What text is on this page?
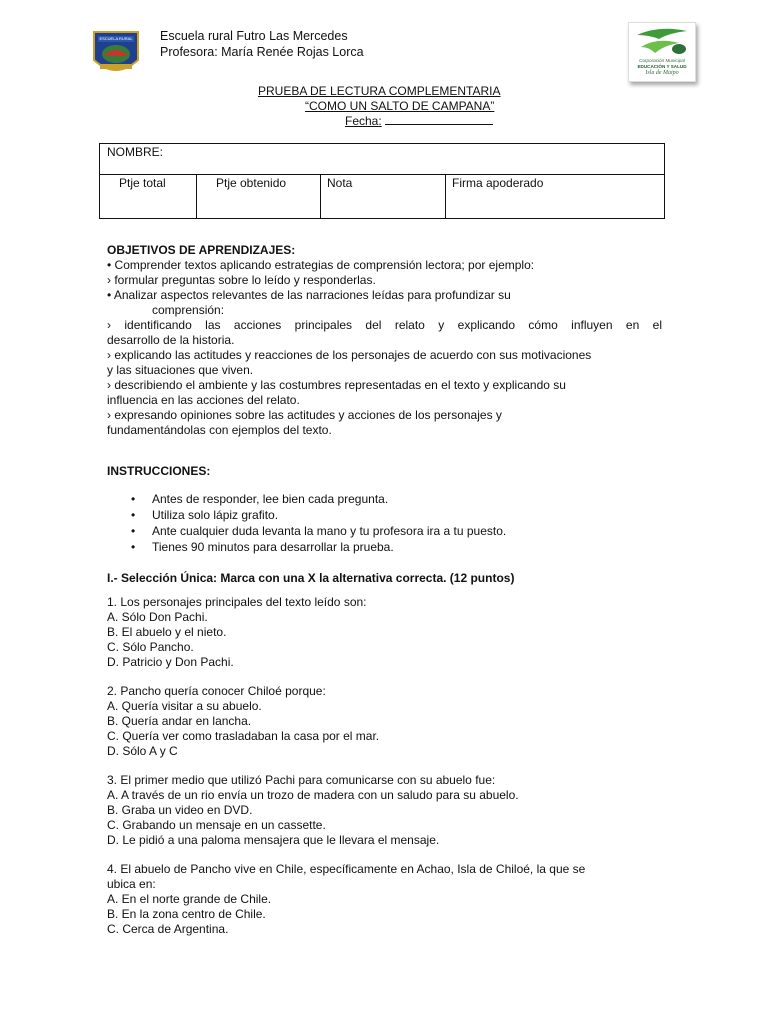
ESCUELA RURAL Escuela rural Futro Las Mercedes
Profesora: María Renée Rojas Lorca
Corporación Municipal
EDUCACIÓN Y SALUD
Isla de Maipo
PRUEBA DE LECTURA COMPLEMENTARIA
“COMO UN SALTO DE CAMPANA”
Fecha:
NOMBRE:
Ptje total	Ptje obtenido	Nota	Firma apoderado

OBJETIVOS DE APRENDIZAJES:

• Comprender textos aplicando estrategias de comprensión lectora; por ejemplo:

› formular preguntas sobre lo leído y responderlas.

• Analizar aspectos relevantes de las narraciones leídas para profundizar su

comprensión:

› identificando las acciones principales del relato y explicando cómo influyen en el

desarrollo de la historia.

› explicando las actitudes y reacciones de los personajes de acuerdo con sus motivaciones

y las situaciones que viven.

› describiendo el ambiente y las costumbres representadas en el texto y explicando su

influencia en las acciones del relato.

› expresando opiniones sobre las actitudes y acciones de los personajes y

fundamentándolas con ejemplos del texto.

INSTRUCCIONES:

• Antes de responder, lee bien cada pregunta.
• Utiliza solo lápiz grafito.
• Ante cualquier duda levanta la mano y tu profesora ira a tu puesto.
• Tienes 90 minutos para desarrollar la prueba.

I.- Selección Única: Marca con una X la alternativa correcta. (12 puntos)

1. Los personajes principales del texto leído son:

A. Sólo Don Pachi.

B. El abuelo y el nieto.

C. Sólo Pancho.

D. Patricio y Don Pachi.

2. Pancho quería conocer Chiloé porque:

A. Quería visitar a su abuelo.

B. Quería andar en lancha.

C. Quería ver como trasladaban la casa por el mar.

D. Sólo A y C

3. El primer medio que utilizó Pachi para comunicarse con su abuelo fue:

A. A través de un rio envía un trozo de madera con un saludo para su abuelo.

B. Graba un video en DVD.

C. Grabando un mensaje en un cassette.

D. Le pidió a una paloma mensajera que le llevara el mensaje.

4. El abuelo de Pancho vive en Chile, específicamente en Achao, Isla de Chiloé, la que se

ubica en:

A. En el norte grande de Chile.

B. En la zona centro de Chile.

C. Cerca de Argentina.
